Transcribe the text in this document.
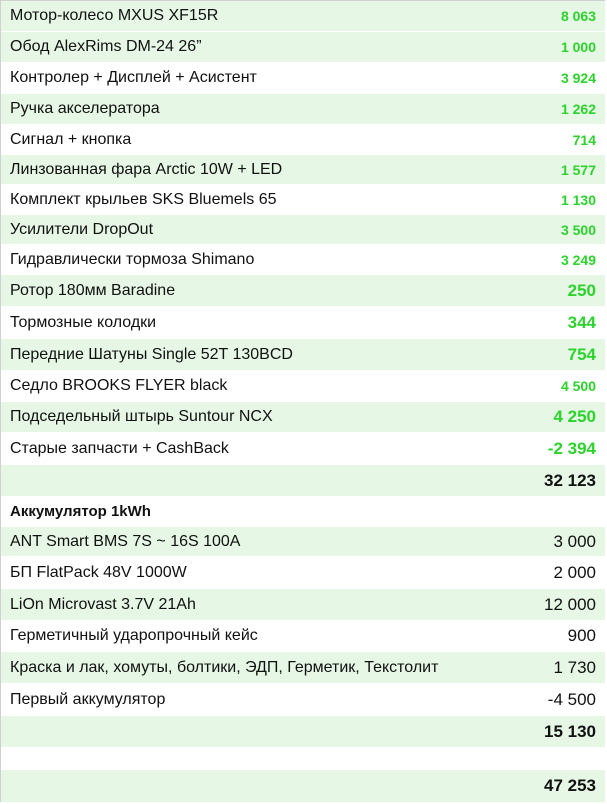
Мотор-колесо MXUS XF15R	8 063
Обод AlexRims DM-24 26”	1 000
Контролер + Дисплей + Асистент	3 924
Ручка акселератора	1 262
Сигнал + кнопка	714
Линзованная фара Arctic 10W + LED	1 577
Комплект крыльев SKS Bluemels 65	1 130
Усилители DropOut	3 500
Гидравлически тормоза Shimano	3 249
Ротор 180мм Baradine	250
Тормозные колодки	344
Передние Шатуны Single 52T 130BCD	754
Седло BROOKS FLYER black	4 500
Подседельный штырь Suntour NCX	4 250
Старые запчасти + CashBack	-2 394
32 123
Аккумулятор 1kWh
ANT Smart BMS 7S ~ 16S 100A	3 000
БП FlatPack 48V 1000W	2 000
LiOn Microvast 3.7V 21Ah	12 000
Герметичный ударопрочный кейс	900
Краска и лак, хомуты, болтики, ЭДП, Герметик, Текстолит	1 730
Первый аккумулятор	-4 500
15 130
47 253
